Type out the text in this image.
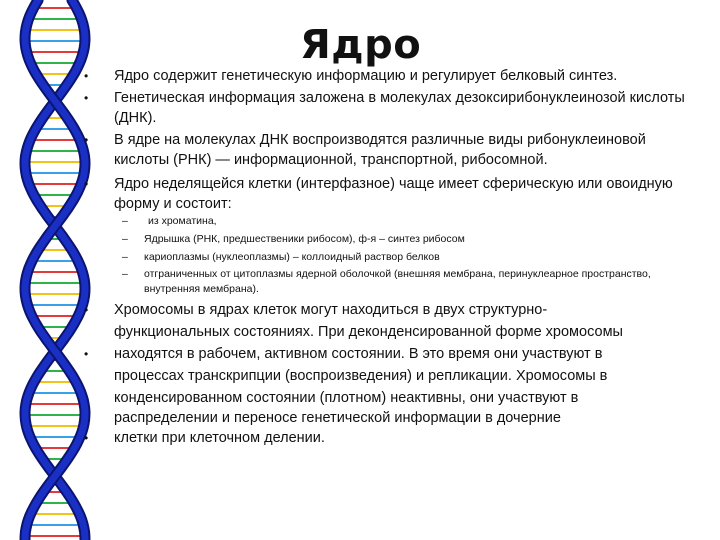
Ядро
• Ядро содержит генетическую информацию и регулирует белковый синтез.
• Генетическая информация заложена в молекулах дезоксирибонуклеинозой кислоты (ДНК).
• В ядре на молекулах ДНК воспроизводятся различные виды рибонуклеиновой кислоты (РНК) — информационной, транспортной, рибосомной.
• Ядро неделящейся клетки (интерфазное) чаще имеет сферическую или овоидную форму и состоит:
– из хроматина,
– Ядрышка (РНК, предшественики рибосом), ф-я – синтез рибосом
– кариоплазмы (нуклеоплазмы) – коллоидный раствор белков
– отграниченных от цитоплазмы ядерной оболочкой (внешняя мембрана, перинуклеарное пространство, внутренняя мембрана).
• Хромосомы в ядрах клеток могут находиться в двух структурно-
функциональных состояниях. При деконденсированной форме хромосомы
• находятся в рабочем, активном состоянии. В это время они участвуют в
процессах транскрипции (воспроизведения) и репликации. Хромосомы в
конденсированном состоянии (плотном) неактивны, они участвуют в
распределении и переносе генетической информации в дочерние
• клетки при клеточном делении.
